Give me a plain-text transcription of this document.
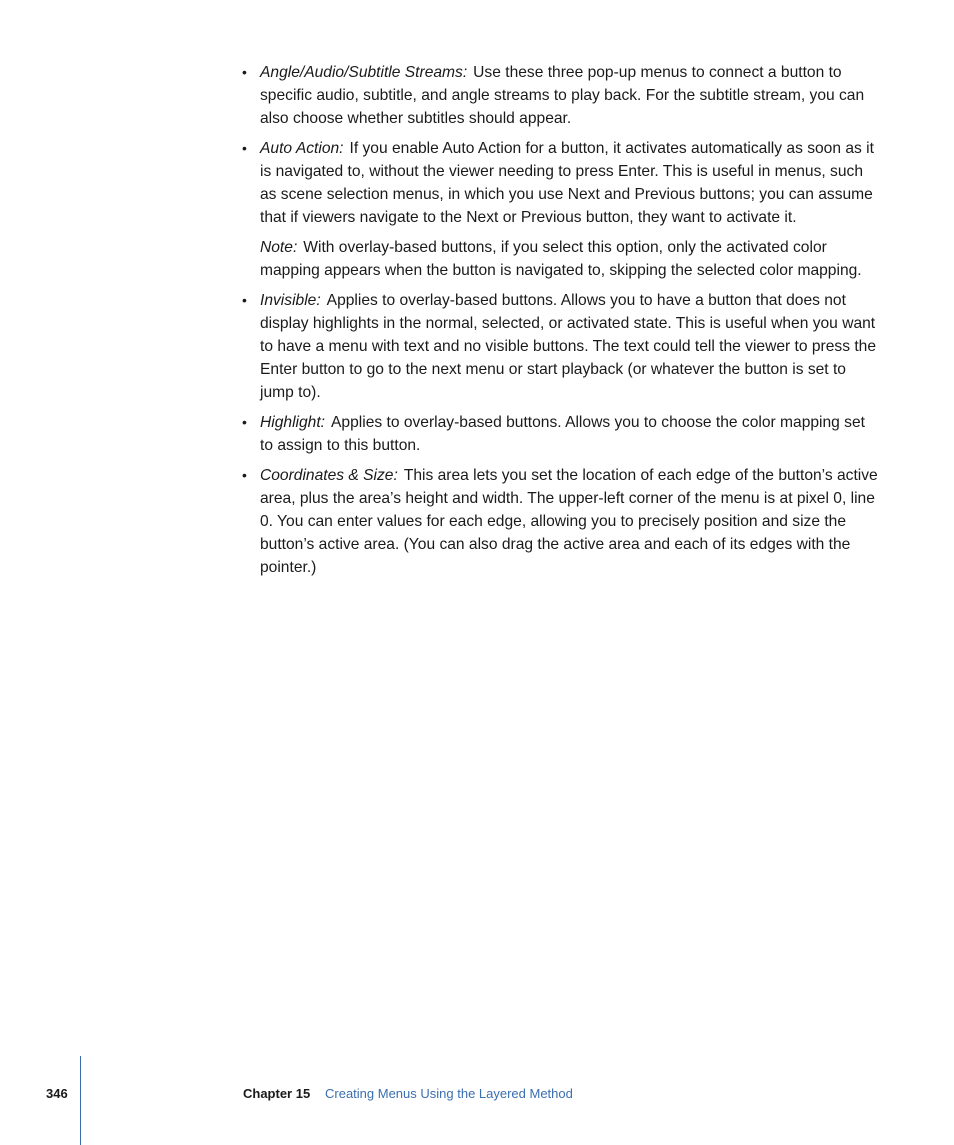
• Angle/Audio/Subtitle Streams: Use these three pop-up menus to connect a button to specific audio, subtitle, and angle streams to play back. For the subtitle stream, you can also choose whether subtitles should appear.
• Auto Action: If you enable Auto Action for a button, it activates automatically as soon as it is navigated to, without the viewer needing to press Enter. This is useful in menus, such as scene selection menus, in which you use Next and Previous buttons; you can assume that if viewers navigate to the Next or Previous button, they want to activate it.
Note: With overlay-based buttons, if you select this option, only the activated color mapping appears when the button is navigated to, skipping the selected color mapping.
• Invisible: Applies to overlay-based buttons. Allows you to have a button that does not display highlights in the normal, selected, or activated state. This is useful when you want to have a menu with text and no visible buttons. The text could tell the viewer to press the Enter button to go to the next menu or start playback (or whatever the button is set to jump to).
• Highlight: Applies to overlay-based buttons. Allows you to choose the color mapping set to assign to this button.
• Coordinates & Size: This area lets you set the location of each edge of the button’s active area, plus the area’s height and width. The upper-left corner of the menu is at pixel 0, line 0. You can enter values for each edge, allowing you to precisely position and size the button’s active area. (You can also drag the active area and each of its edges with the pointer.)
346	Chapter 15 Creating Menus Using the Layered Method
